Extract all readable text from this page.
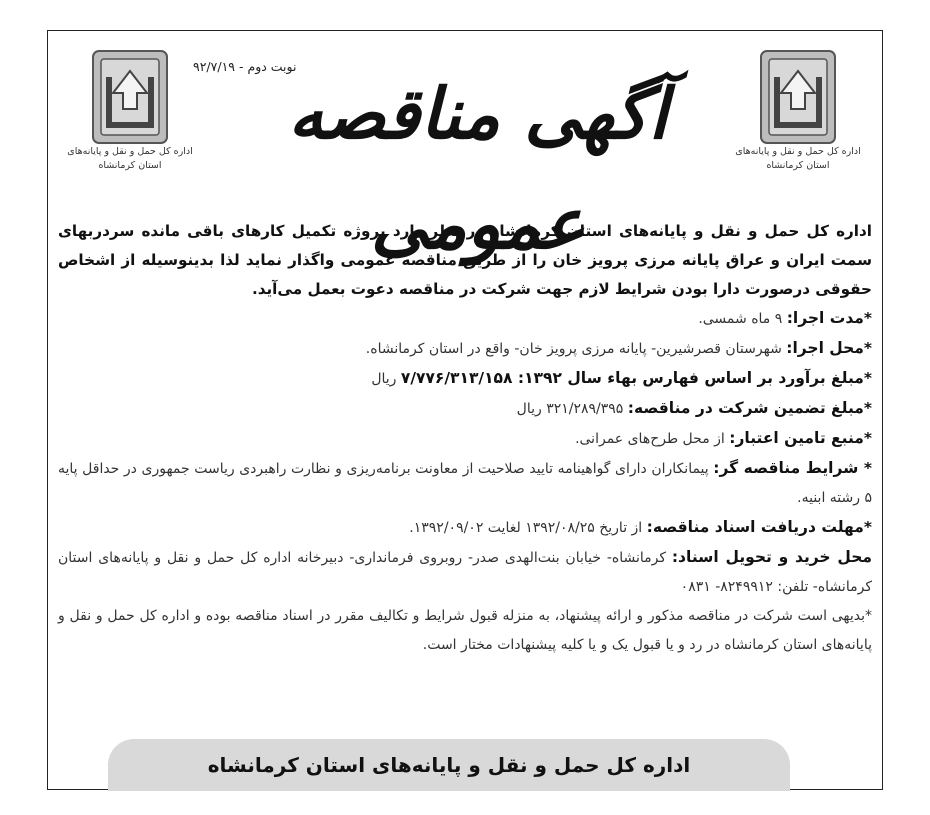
اداره کل حمل و نقل و پایانه‌های
استان کرمانشاه
اداره کل حمل و نقل و پایانه‌های
استان کرمانشاه
نوبت دوم - ۹۲/۷/۱۹
آگهی مناقصه عمومی

اداره کل حمل و نقل و پایانه‌های استان کرمانشاه در نظر دارد پروژه تکمیل کارهای باقی مانده سردربهای سمت ایران و عراق پایانه مرزی پرویز خان را از طریق مناقصه عمومی واگذار نماید لذا بدینوسیله از اشخاص حقوقی درصورت دارا بودن شرایط لازم جهت شرکت در مناقصه دعوت بعمل می‌آید.

*مدت اجرا: ۹ ماه شمسی.

*محل اجرا: شهرستان قصرشیرین- پایانه مرزی پرویز خان- واقع در استان کرمانشاه.

*مبلغ برآورد بر اساس فهارس بهاء سال ۱۳۹۲: ۷/۷۷۶/۳۱۳/۱۵۸ ریال

*مبلغ تضمین شرکت در مناقصه: ۳۲۱/۲۸۹/۳۹۵ ریال

*منبع تامین اعتبار: از محل طرح‌های عمرانی.

* شرایط مناقصه گر: پیمانکاران دارای گواهینامه تایید صلاحیت از معاونت برنامه‌ریزی و نظارت راهبردی ریاست جمهوری در حداقل پایه ۵ رشته ابنیه.

*مهلت دریافت اسناد مناقصه: از تاریخ ۱۳۹۲/۰۸/۲۵ لغایت ۱۳۹۲/۰۹/۰۲.

محل خرید و تحویل اسناد: کرمانشاه- خیابان بنت‌الهدی صدر- روبروی فرمانداری- دبیرخانه اداره کل حمل و نقل و پایانه‌های استان کرمانشاه- تلفن: ۸۲۴۹۹۱۲- ۰۸۳۱

*بدیهی است شرکت در مناقصه مذکور و ارائه پیشنهاد، به منزله قبول شرایط و تکالیف مقرر در اسناد مناقصه بوده و اداره کل حمل و نقل و پایانه‌های استان کرمانشاه در رد و یا قبول یک و یا کلیه پیشنهادات مختار است.

اداره کل حمل و نقل و پایانه‌های استان کرمانشاه
